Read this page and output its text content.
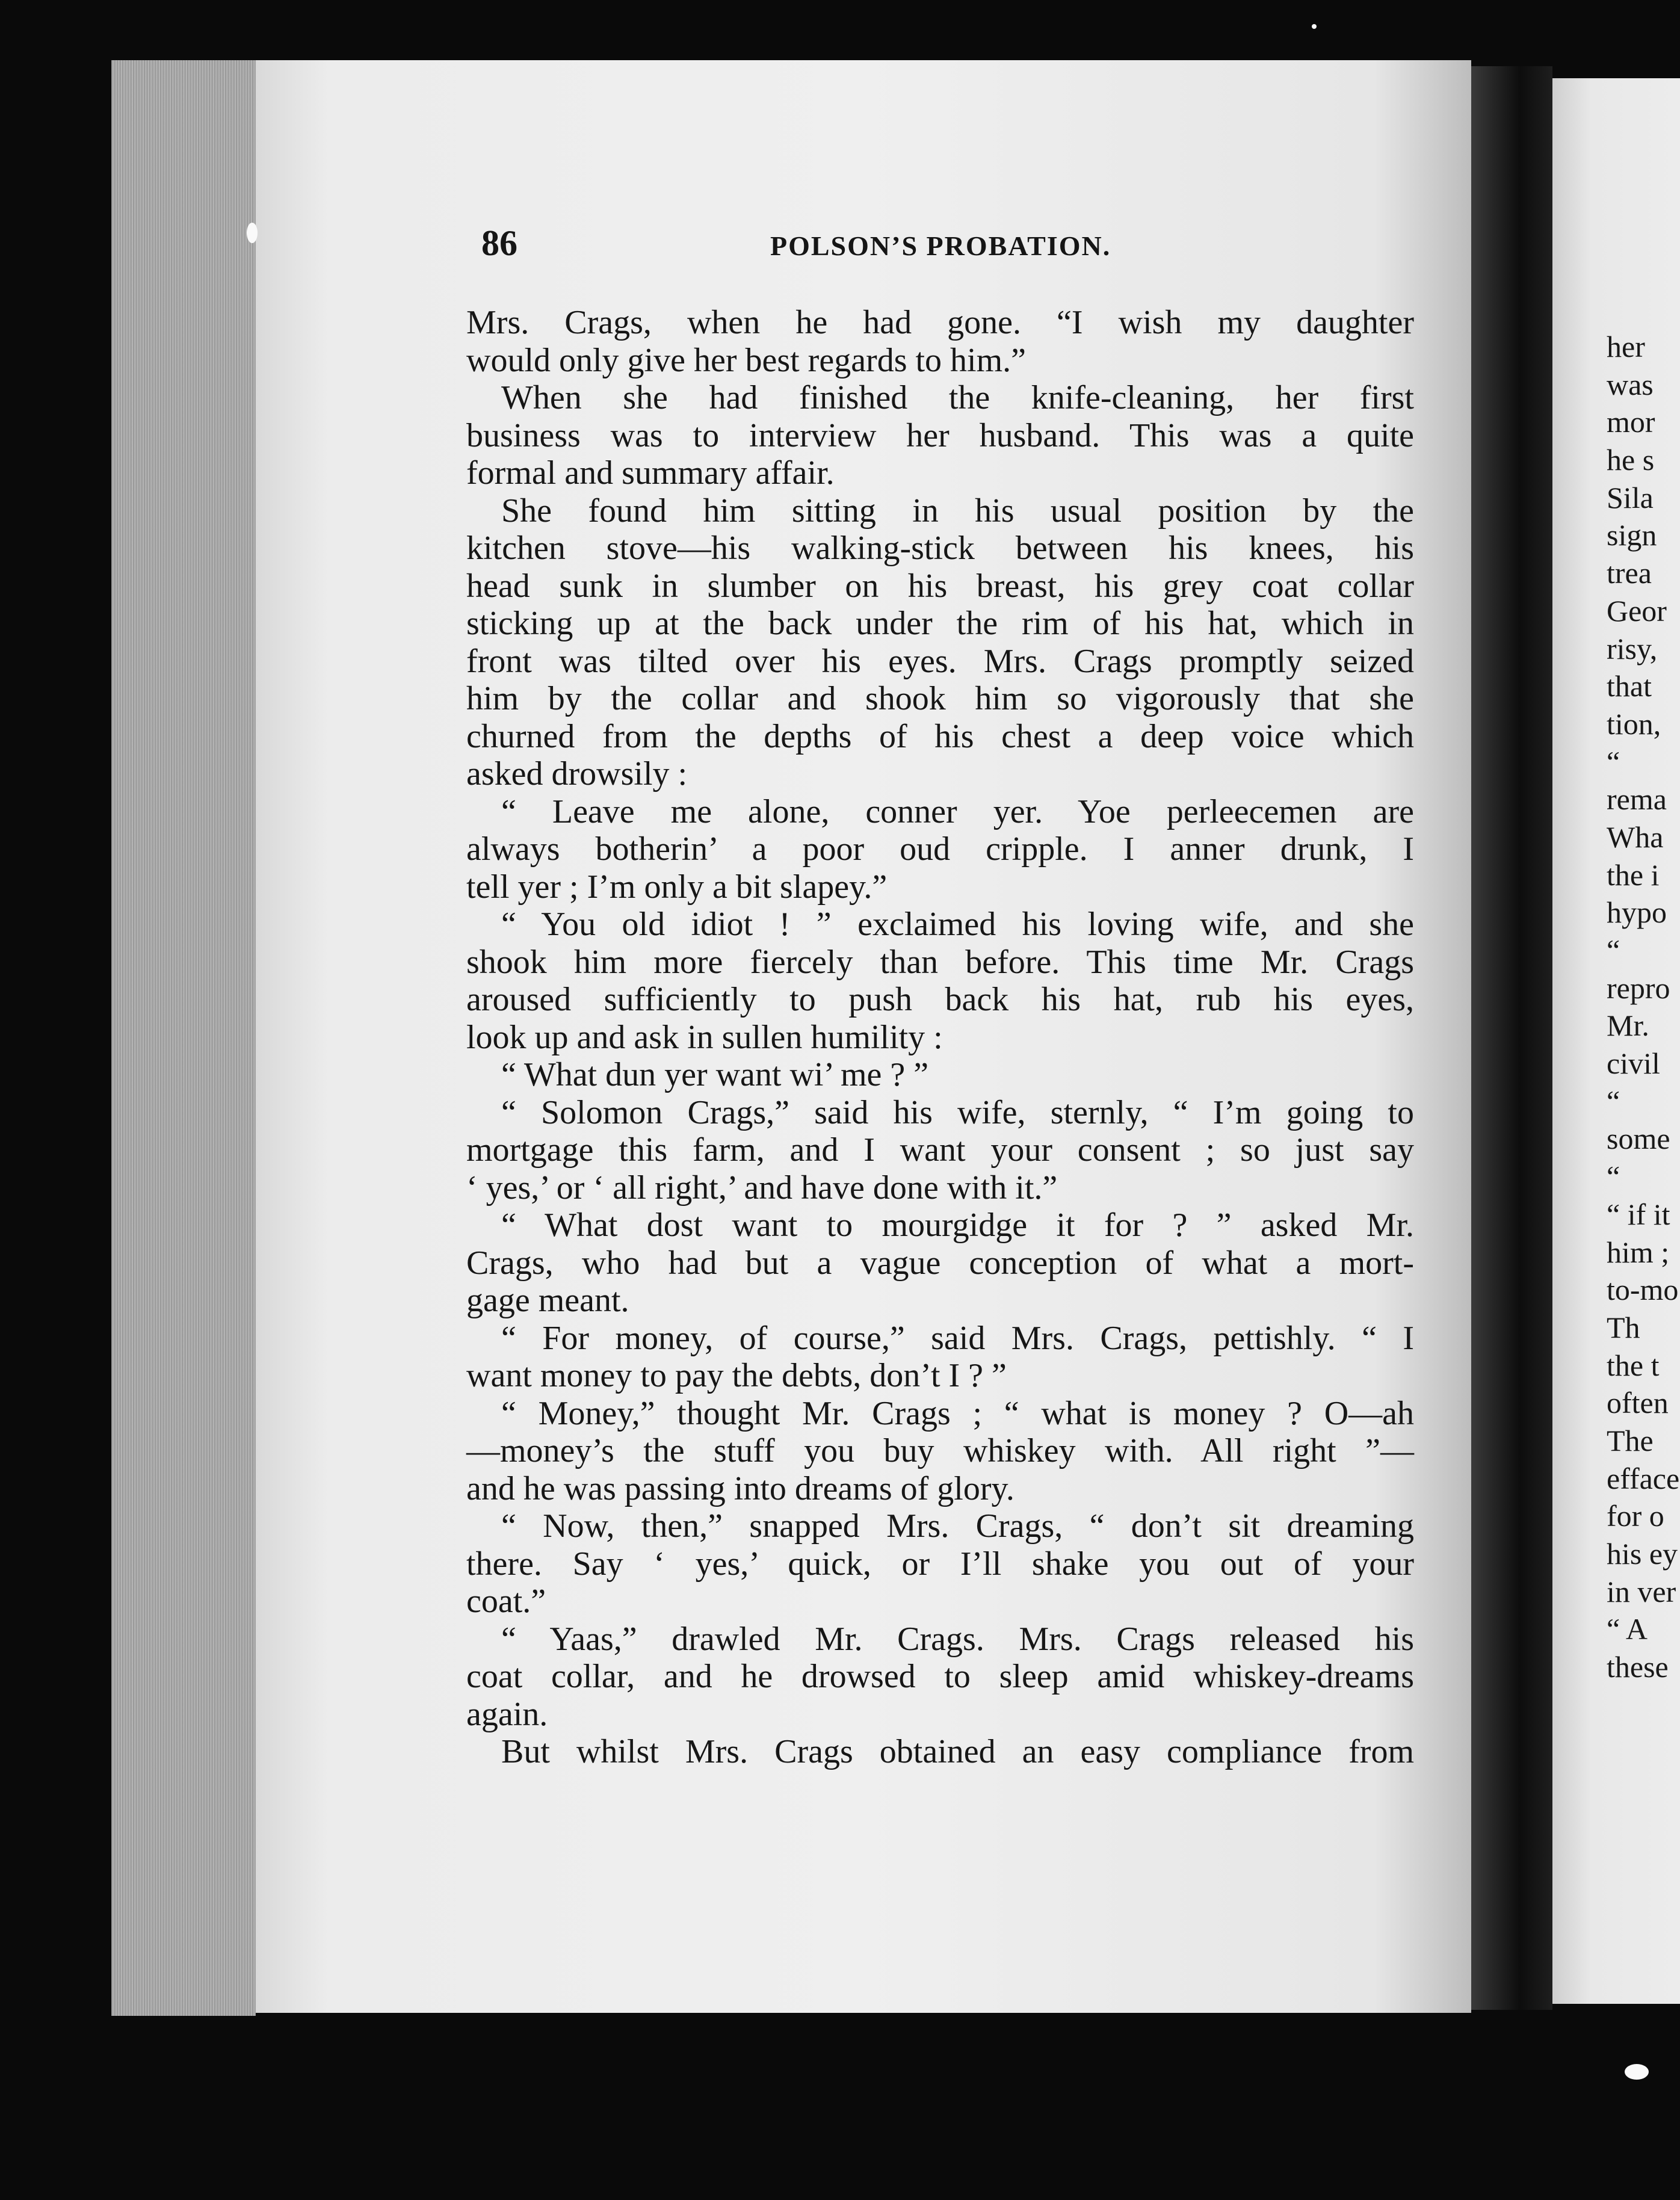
86	POLSON’S PROBATION.
Mrs. Crags, when he had gone. “I wish my daughter
would only give her best regards to him.”
When she had finished the knife-cleaning, her first
business was to interview her husband. This was a quite
formal and summary affair.
She found him sitting in his usual position by the
kitchen stove—his walking-stick between his knees, his
head sunk in slumber on his breast, his grey coat collar
sticking up at the back under the rim of his hat, which in
front was tilted over his eyes. Mrs. Crags promptly seized
him by the collar and shook him so vigorously that she
churned from the depths of his chest a deep voice which
asked drowsily :
“ Leave me alone, conner yer. Yoe perleecemen are
always botherin’ a poor oud cripple. I anner drunk, I
tell yer ; I’m only a bit slapey.”
“ You old idiot ! ” exclaimed his loving wife, and she
shook him more fiercely than before. This time Mr. Crags
aroused sufficiently to push back his hat, rub his eyes,
look up and ask in sullen humility :
“ What dun yer want wi’ me ? ”
“ Solomon Crags,” said his wife, sternly, “ I’m going to
mortgage this farm, and I want your consent ; so just say
‘ yes,’ or ‘ all right,’ and have done with it.”
“ What dost want to mourgidge it for ? ” asked Mr.
Crags, who had but a vague conception of what a mort-
gage meant.
“ For money, of course,” said Mrs. Crags, pettishly. “ I
want money to pay the debts, don’t I ? ”
“ Money,” thought Mr. Crags ; “ what is money ? O—ah
—money’s the stuff you buy whiskey with. All right ”—
and he was passing into dreams of glory.
“ Now, then,” snapped Mrs. Crags, “ don’t sit dreaming
there. Say ‘ yes,’ quick, or I’ll shake you out of your
coat.”
“ Yaas,” drawled Mr. Crags. Mrs. Crags released his
coat collar, and he drowsed to sleep amid whiskey-dreams
again.
But whilst Mrs. Crags obtained an easy compliance from
her
was
mor
he s
Sila
sign
trea
Geor
risy,
that
tion,
“
rema
Wha
the i
hypo
“
repro
Mr.
civil
“
some
“
“ if it
him ;
to-mo
Th
the t
often
The
efface
for o
his ey
in ver
“ A
these
